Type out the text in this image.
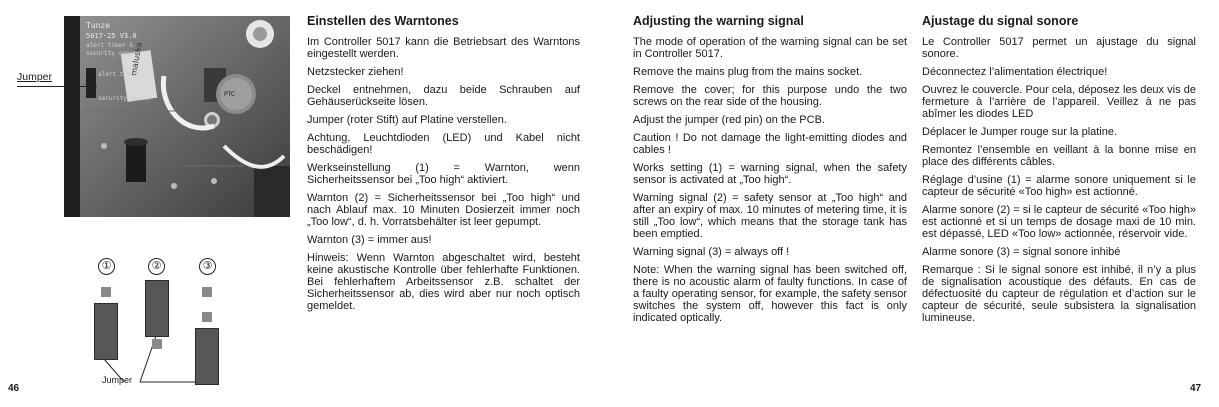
Tunze
5017-25 V3.0
alert timer &
security sensor
alert timer &
security sensor
maluska
PTC
Jumper
①	②	③
Jumper
46	47
Einstellen des Warntones

Im Controller 5017 kann die Betriebsart des Warntons eingestellt werden.

Netzstecker ziehen!

Deckel entnehmen, dazu beide Schrauben auf Gehäuserückseite lösen.

Jumper (roter Stift) auf Platine verstellen.

Achtung, Leuchtdioden (LED) und Kabel nicht beschädigen!

Werkseinstellung (1) = Warnton, wenn Sicherheitssensor bei „Too high“ aktiviert.

Warnton (2) = Sicherheitssensor bei „Too high“ und nach Ablauf max. 10 Minuten Dosierzeit immer noch „Too low“, d. h. Vorratsbehälter ist leer gepumpt.

Warnton (3) = immer aus!

Hinweis: Wenn Warnton abgeschaltet wird, besteht keine akustische Kontrolle über fehlerhafte Funktionen. Bei fehlerhaftem Arbeitssensor z.B. schaltet der Sicherheitssensor ab, dies wird aber nur noch optisch gemeldet.

Adjusting the warning signal

The mode of operation of the warning signal can be set in Controller 5017.

Remove the mains plug from the mains socket.

Remove the cover; for this purpose undo the two screws on the rear side of the housing.

Adjust the jumper (red pin) on the PCB.

Caution ! Do not damage the light-emitting diodes and cables !

Works setting (1) = warning signal, when the safety sensor is activated at „Too high“.

Warning signal (2) = safety sensor at „Too high“ and after an expiry of max. 10 minutes of metering time, it is still „Too low“, which means that the storage tank has been emptied.

Warning signal (3) = always off !

Note: When the warning signal has been switched off, there is no acoustic alarm of faulty functions. In case of a faulty operating sensor, for example, the safety sensor switches the system off, however this fact is only indicated optically.

Ajustage du signal sonore

Le Controller 5017 permet un ajustage du signal sonore.

Déconnectez l’alimentation électrique!

Ouvrez le couvercle. Pour cela, déposez les deux vis de fermeture à l’arrière de l’appareil. Veillez à ne pas abîmer les diodes LED

Déplacer le Jumper rouge sur la platine.

Remontez l’ensemble en veillant à la bonne mise en place des différents câbles.

Réglage d’usine (1) = alarme sonore uniquement si le capteur de sécurité «Too high» est actionné.

Alarme sonore (2) = si le capteur de sécurité «Too high» est actionné et si un temps de dosage maxi de 10 min. est dépassé, LED «Too low» actionnée, réservoir vide.

Alarme sonore (3) = signal sonore inhibé

Remarque : Si le signal sonore est inhibé, il n’y a plus de signalisation acoustique des défauts. En cas de défectuosité du capteur de régulation et d’action sur le capteur de sécurité, seule subsistera la signalisation lumineuse.
